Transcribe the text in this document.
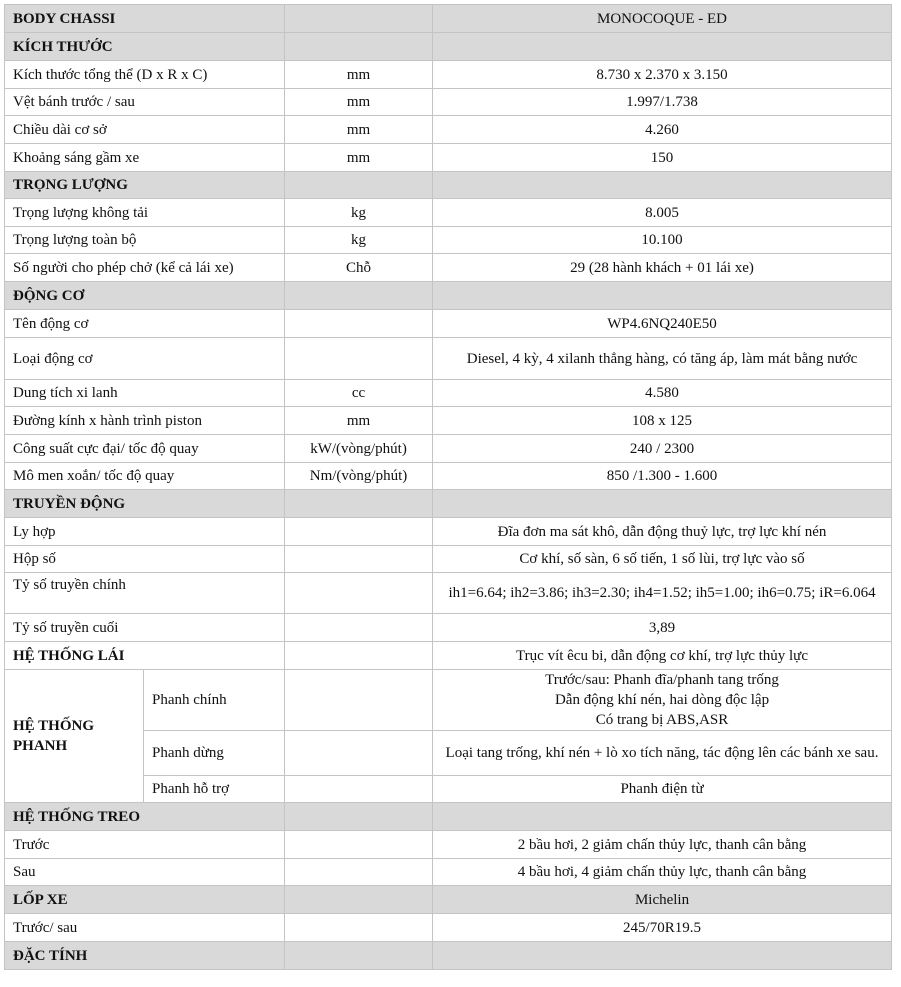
BODY CHASSI			MONOCOQUE - ED
KÍCH THƯỚC			
Kích thước tổng thể (D x R x C)		mm	8.730 x 2.370 x 3.150
Vệt bánh trước / sau		mm	1.997/1.738
Chiều dài cơ sở		mm	4.260
Khoảng sáng gầm xe		mm	150
TRỌNG LƯỢNG			
Trọng lượng không tải		kg	8.005
Trọng lượng toàn bộ		kg	10.100
Số người cho phép chở (kể cả lái xe)		Chỗ	29 (28 hành khách + 01 lái xe)
ĐỘNG CƠ			
Tên động cơ			WP4.6NQ240E50
Loại động cơ			Diesel, 4 kỳ, 4 xilanh thẳng hàng, có tăng áp, làm mát bằng nước
Dung tích xi lanh		cc	4.580
Đường kính x hành trình piston		mm	108 x 125
Công suất cực đại/ tốc độ quay		kW/(vòng/phút)	240 / 2300
Mô men xoắn/ tốc độ quay		Nm/(vòng/phút)	850 /1.300 - 1.600
TRUYỀN ĐỘNG			
Ly hợp			Đĩa đơn ma sát khô, dẫn động thuỷ lực, trợ lực khí nén
Hộp số			Cơ khí, số sàn, 6 số tiến, 1 số lùi, trợ lực vào số
Tỷ số truyền chính			ih1=6.64; ih2=3.86; ih3=2.30; ih4=1.52; ih5=1.00; ih6=0.75; iR=6.064
Tỷ số truyền cuối			3,89
HỆ THỐNG LÁI			Trục vít êcu bi, dẫn động cơ khí, trợ lực thủy lực
HỆ THỐNG PHANH	Phanh chính		Trước/sau: Phanh đĩa/phanh tang trống
Dẫn động khí nén, hai dòng độc lập
Có trang bị ABS,ASR

	Phanh dừng		Loại tang trống, khí nén + lò xo tích năng, tác động lên các bánh xe sau.
	Phanh hỗ trợ		Phanh điện từ
HỆ THỐNG TREO			
Trước			2 bầu hơi, 2 giảm chấn thủy lực, thanh cân bằng
Sau			4 bầu hơi, 4 giảm chấn thủy lực, thanh cân bằng
LỐP XE			Michelin
Trước/ sau			245/70R19.5
ĐẶC TÍNH			
